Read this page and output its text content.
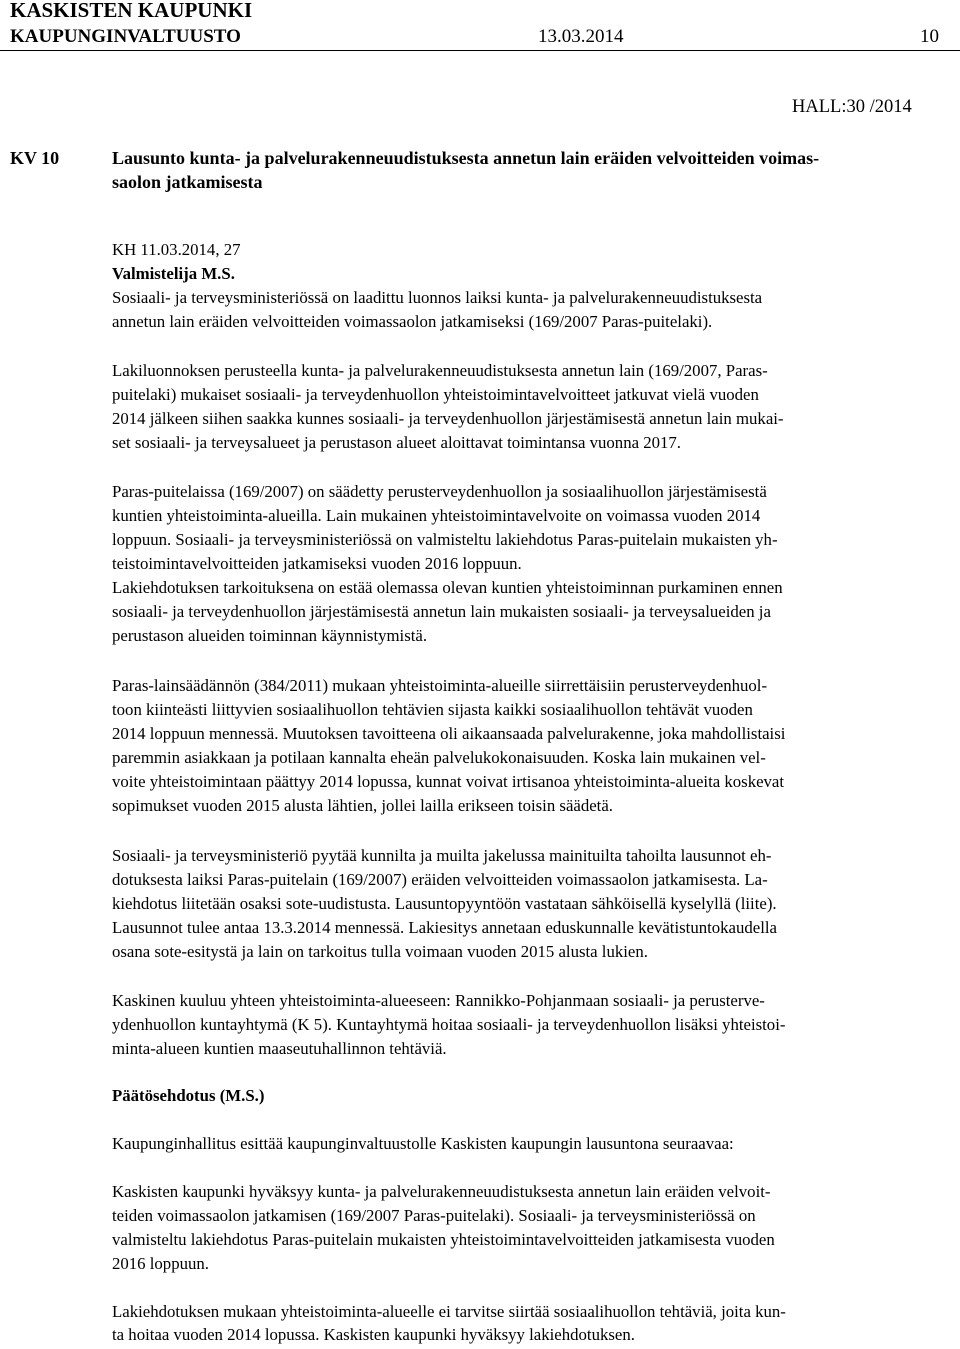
KASKISTEN KAUPUNKI
KAUPUNGINVALTUUSTO	13.03.2014	10
HALL:30 /2014
KV 10	Lausunto kunta- ja palvelurakenneuudistuksesta annetun lain eräiden velvoitteiden voimas-
saolon jatkamisesta
KH 11.03.2014, 27
Valmistelija M.S.
Sosiaali- ja terveysministeriössä on laadittu luonnos laiksi kunta- ja palvelurakenneuudistuksesta
annetun lain eräiden velvoitteiden voimassaolon jatkamiseksi (169/2007 Paras-puitelaki).
Lakiluonnoksen perusteella kunta- ja palvelurakenneuudistuksesta annetun lain (169/2007, Paras-
puitelaki) mukaiset sosiaali- ja terveydenhuollon yhteistoimintavelvoitteet jatkuvat vielä vuoden
2014 jälkeen siihen saakka kunnes sosiaali- ja terveydenhuollon järjestämisestä annetun lain mukai-
set sosiaali- ja terveysalueet ja perustason alueet aloittavat toimintansa vuonna 2017.
Paras-puitelaissa (169/2007) on säädetty perusterveydenhuollon ja sosiaalihuollon järjestämisestä
kuntien yhteistoiminta-alueilla. Lain mukainen yhteistoimintavelvoite on voimassa vuoden 2014
loppuun. Sosiaali- ja terveysministeriössä on valmisteltu lakiehdotus Paras-puitelain mukaisten yh-
teistoimintavelvoitteiden jatkamiseksi vuoden 2016 loppuun.
Lakiehdotuksen tarkoituksena on estää olemassa olevan kuntien yhteistoiminnan purkaminen ennen
sosiaali- ja terveydenhuollon järjestämisestä annetun lain mukaisten sosiaali- ja terveysalueiden ja
perustason alueiden toiminnan käynnistymistä.
Paras-lainsäädännön (384/2011) mukaan yhteistoiminta-alueille siirrettäisiin perusterveydenhuol-
toon kiinteästi liittyvien sosiaalihuollon tehtävien sijasta kaikki sosiaalihuollon tehtävät vuoden
2014 loppuun mennessä. Muutoksen tavoitteena oli aikaansaada palvelurakenne, joka mahdollistaisi
paremmin asiakkaan ja potilaan kannalta eheän palvelukokonaisuuden. Koska lain mukainen vel-
voite yhteistoimintaan päättyy 2014 lopussa, kunnat voivat irtisanoa yhteistoiminta-alueita koskevat
sopimukset vuoden 2015 alusta lähtien, jollei lailla erikseen toisin säädetä.
Sosiaali- ja terveysministeriö pyytää kunnilta ja muilta jakelussa mainituilta tahoilta lausunnot eh-
dotuksesta laiksi Paras-puitelain (169/2007) eräiden velvoitteiden voimassaolon jatkamisesta. La-
kiehdotus liitetään osaksi sote-uudistusta. Lausuntopyyntöön vastataan sähköisellä kyselyllä (liite).
Lausunnot tulee antaa 13.3.2014 mennessä. Lakiesitys annetaan eduskunnalle kevätistuntokaudella
osana sote-esitystä ja lain on tarkoitus tulla voimaan vuoden 2015 alusta lukien.
Kaskinen kuuluu yhteen yhteistoiminta-alueeseen: Rannikko-Pohjanmaan sosiaali- ja perusterve-
ydenhuollon kuntayhtymä (K 5). Kuntayhtymä hoitaa sosiaali- ja terveydenhuollon lisäksi yhteistoi-
minta-alueen kuntien maaseutuhallinnon tehtäviä.
Päätösehdotus (M.S.)
Kaupunginhallitus esittää kaupunginvaltuustolle Kaskisten kaupungin lausuntona seuraavaa:
Kaskisten kaupunki hyväksyy kunta- ja palvelurakenneuudistuksesta annetun lain eräiden velvoit-
teiden voimassaolon jatkamisen (169/2007 Paras-puitelaki). Sosiaali- ja terveysministeriössä on
valmisteltu lakiehdotus Paras-puitelain mukaisten yhteistoimintavelvoitteiden jatkamisesta vuoden
2016 loppuun.
Lakiehdotuksen mukaan yhteistoiminta-alueelle ei tarvitse siirtää sosiaalihuollon tehtäviä, joita kun-
ta hoitaa vuoden 2014 lopussa. Kaskisten kaupunki hyväksyy lakiehdotuksen.
